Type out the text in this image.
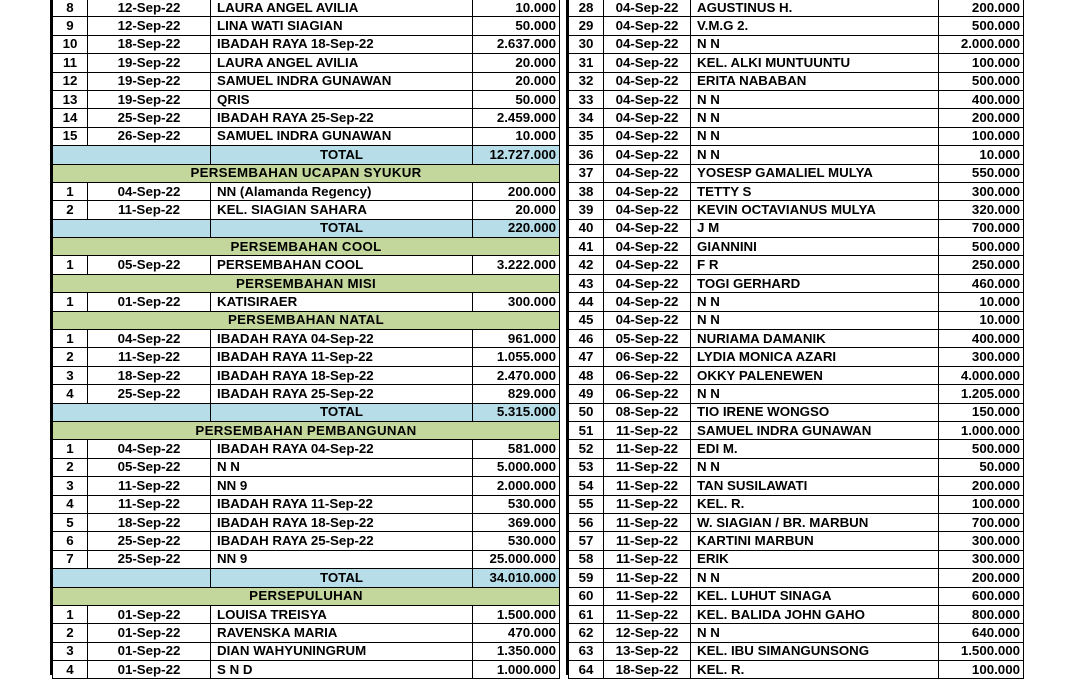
8	12-Sep-22	LAURA ANGEL AVILIA	10.000
9	12-Sep-22	LINA WATI SIAGIAN	50.000
10	18-Sep-22	IBADAH RAYA 18-Sep-22	2.637.000
11	19-Sep-22	LAURA ANGEL AVILIA	20.000
12	19-Sep-22	SAMUEL INDRA GUNAWAN	20.000
13	19-Sep-22	QRIS	50.000
14	25-Sep-22	IBADAH RAYA 25-Sep-22	2.459.000
15	26-Sep-22	SAMUEL INDRA GUNAWAN	10.000
		TOTAL	12.727.000
PERSEMBAHAN UCAPAN SYUKUR			
1	04-Sep-22	NN (Alamanda Regency)	200.000
2	11-Sep-22	KEL. SIAGIAN SAHARA	20.000
		TOTAL	220.000
PERSEMBAHAN COOL			
1	05-Sep-22	PERSEMBAHAN COOL	3.222.000
PERSEMBAHAN MISI			
1	01-Sep-22	KATISIRAER	300.000
PERSEMBAHAN NATAL			
1	04-Sep-22	IBADAH RAYA 04-Sep-22	961.000
2	11-Sep-22	IBADAH RAYA 11-Sep-22	1.055.000
3	18-Sep-22	IBADAH RAYA 18-Sep-22	2.470.000
4	25-Sep-22	IBADAH RAYA 25-Sep-22	829.000
		TOTAL	5.315.000
PERSEMBAHAN PEMBANGUNAN			
1	04-Sep-22	IBADAH RAYA 04-Sep-22	581.000
2	05-Sep-22	N N	5.000.000
3	11-Sep-22	NN 9	2.000.000
4	11-Sep-22	IBADAH RAYA 11-Sep-22	530.000
5	18-Sep-22	IBADAH RAYA 18-Sep-22	369.000
6	25-Sep-22	IBADAH RAYA 25-Sep-22	530.000
7	25-Sep-22	NN 9	25.000.000
		TOTAL	34.010.000
PERSEPULUHAN			
1	01-Sep-22	LOUISA TREISYA	1.500.000
2	01-Sep-22	RAVENSKA MARIA	470.000
3	01-Sep-22	DIAN WAHYUNINGRUM	1.350.000
4	01-Sep-22	S N D	1.000.000
28	04-Sep-22	AGUSTINUS H.	200.000
29	04-Sep-22	V.M.G 2.	500.000
30	04-Sep-22	N N	2.000.000
31	04-Sep-22	KEL. ALKI MUNTUUNTU	100.000
32	04-Sep-22	ERITA NABABAN	500.000
33	04-Sep-22	N N	400.000
34	04-Sep-22	N N	200.000
35	04-Sep-22	N N	100.000
36	04-Sep-22	N N	10.000
37	04-Sep-22	YOSESP GAMALIEL MULYA	550.000
38	04-Sep-22	TETTY S	300.000
39	04-Sep-22	KEVIN OCTAVIANUS MULYA	320.000
40	04-Sep-22	J M	700.000
41	04-Sep-22	GIANNINI	500.000
42	04-Sep-22	F R	250.000
43	04-Sep-22	TOGI GERHARD	460.000
44	04-Sep-22	N N	10.000
45	04-Sep-22	N N	10.000
46	05-Sep-22	NURIAMA DAMANIK	400.000
47	06-Sep-22	LYDIA MONICA AZARI	300.000
48	06-Sep-22	OKKY PALENEWEN	4.000.000
49	06-Sep-22	N N	1.205.000
50	08-Sep-22	TIO IRENE WONGSO	150.000
51	11-Sep-22	SAMUEL INDRA GUNAWAN	1.000.000
52	11-Sep-22	EDI M.	500.000
53	11-Sep-22	N N	50.000
54	11-Sep-22	TAN SUSILAWATI	200.000
55	11-Sep-22	KEL. R.	100.000
56	11-Sep-22	W. SIAGIAN / BR. MARBUN	700.000
57	11-Sep-22	KARTINI MARBUN	300.000
58	11-Sep-22	ERIK	300.000
59	11-Sep-22	N N	200.000
60	11-Sep-22	KEL. LUHUT SINAGA	600.000
61	11-Sep-22	KEL. BALIDA JOHN GAHO	800.000
62	12-Sep-22	N N	640.000
63	13-Sep-22	KEL. IBU SIMANGUNSONG	1.500.000
64	18-Sep-22	KEL. R.	100.000
